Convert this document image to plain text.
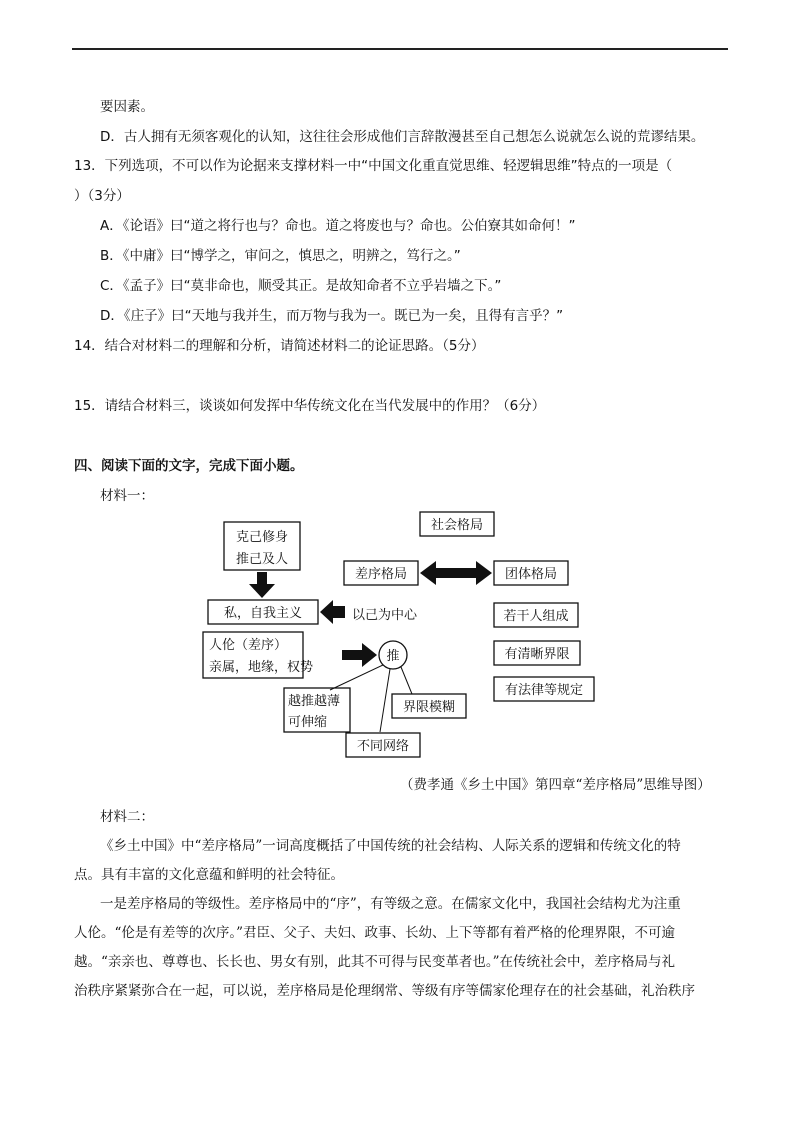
要因素。
D．古人拥有无须客观化的认知，这往往会形成他们言辞散漫甚至自己想怎么说就怎么说的荒谬结果。
13．下列选项，不可以作为论据来支撑材料一中“中国文化重直觉思维、轻逻辑思维”特点的一项是（
）（3分）
A．《论语》曰“道之将行也与？命也。道之将废也与？命也。公伯寮其如命何！”
B．《中庸》曰“博学之，审问之，慎思之，明辨之，笃行之。”
C．《孟子》曰“莫非命也，顺受其正。是故知命者不立乎岩墙之下。”
D．《庄子》曰“天地与我并生，而万物与我为一。既已为一矣，且得有言乎？”
14．结合对材料二的理解和分析，请简述材料二的论证思路。（5分）
15．请结合材料三，谈谈如何发挥中华传统文化在当代发展中的作用？（6分）
四、阅读下面的文字，完成下面小题。
材料一：
克己修身
推己及人
私，自我主义	以己为中心
人伦（差序）
亲属，地缘，权势
推
越推越薄
可伸缩
界限模糊
不同网络
社会格局
差序格局	团体格局
若干人组成
有清晰界限
有法律等规定
（费孝通《乡土中国》第四章“差序格局”思维导图）
材料二：
《乡土中国》中“差序格局”一词高度概括了中国传统的社会结构、人际关系的逻辑和传统文化的特
点。具有丰富的文化意蕴和鲜明的社会特征。
一是差序格局的等级性。差序格局中的“序”，有等级之意。在儒家文化中，我国社会结构尤为注重
人伦。“伦是有差等的次序。”君臣、父子、夫妇、政事、长幼、上下等都有着严格的伦理界限，不可逾
越。“亲亲也、尊尊也、长长也、男女有别，此其不可得与民变革者也。”在传统社会中，差序格局与礼
治秩序紧紧弥合在一起，可以说，差序格局是伦理纲常、等级有序等儒家伦理存在的社会基础，礼治秩序
